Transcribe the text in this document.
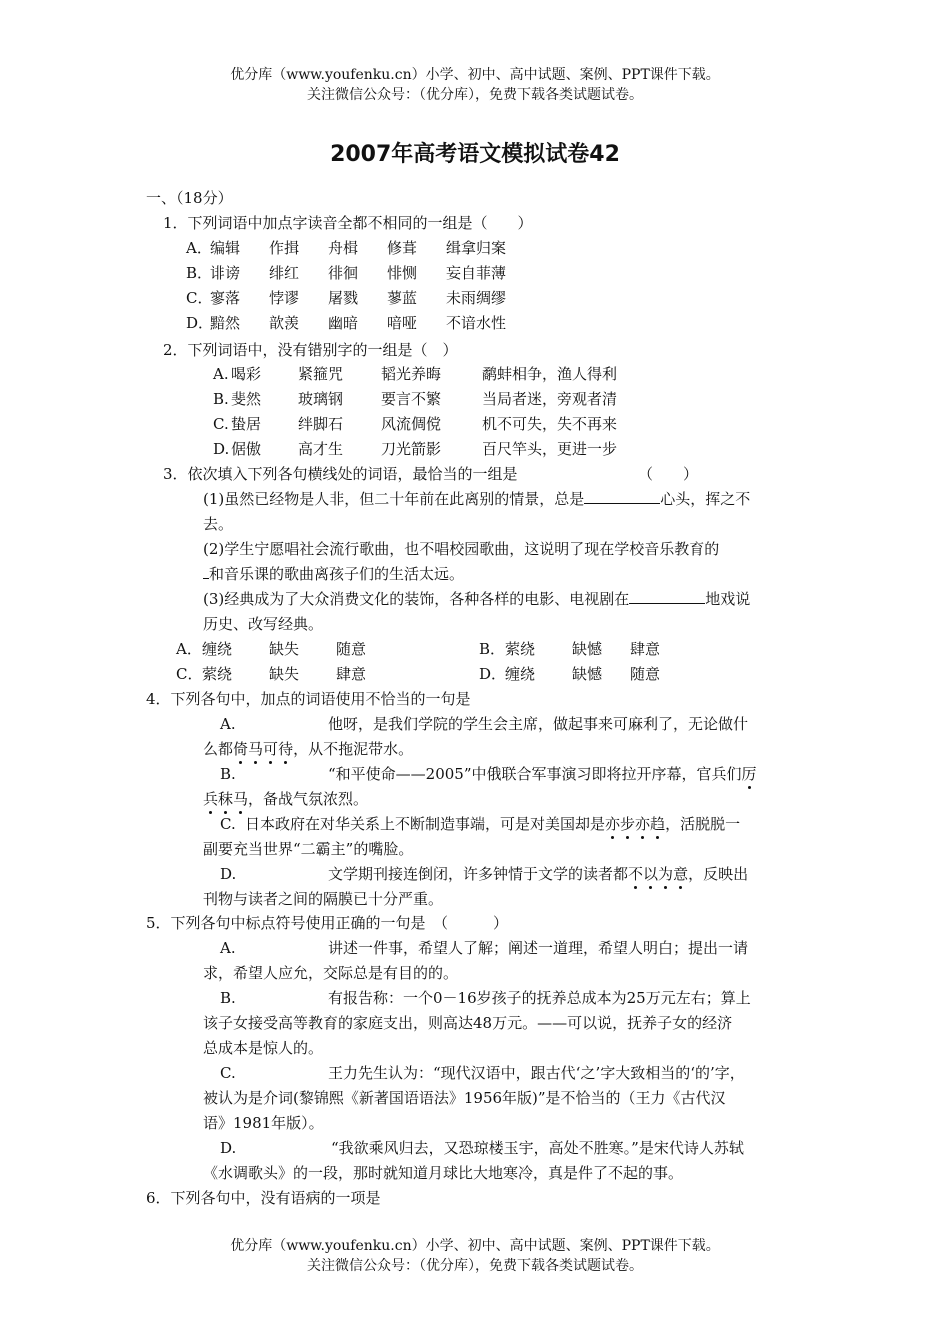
优分库（www.youfenku.cn）小学、初中、高中试题、案例、PPT课件下载。
关注微信公众号：（优分库），免费下载各类试题试卷。
2007年高考语文模拟试卷42
一、（18分）
1．下列词语中加点字读音全都不相同的一组是（　　）
A．
编辑 作揖 舟楫 修葺 缉拿归案
B．
诽谤 绯红 徘徊 悱恻 妄自菲薄
C．
寥落 悖谬 屠戮 蓼蓝 未雨绸缪
D．
黯然 歆羡 幽暗 喑哑 不谙水性
2．下列词语中，没有错别字的一组是（　）
A. 喝彩 紧箍咒	韬光养晦	鹬蚌相争，渔人得利
B. 斐然 玻璃钢	要言不繁	当局者迷，旁观者清
C. 蛰居 绊脚石	风流倜傥	机不可失，失不再来
D. 倨傲 高才生	刀光箭影	百尺竿头，更进一步
3．依次填入下列各句横线处的词语，最恰当的一组是	（　　）
(1)虽然已经物是人非，但二十年前在此离别的情景，总是	心头，挥之不
去。
(2)学生宁愿唱社会流行歌曲，也不唱校园歌曲，这说明了现在学校音乐教育的
和音乐课的歌曲离孩子们的生活太远。
(3)经典成为了大众消费文化的装饰，各种各样的电影、电视剧在	地戏说
历史、改写经典。
A． 缠绕 缺失 随意	B． 萦绕 缺憾 肆意
C． 萦绕 缺失 肆意	D．
缠绕 缺憾 随意
4．下列各句中，加点的词语使用不恰当的一句是
A.	他呀，是我们学院的学生会主席，做起事来可麻利了，无论做什
么都倚马可待，从不拖泥带水。
B.	“和平使命——2005”中俄联合军事演习即将拉开序幕，官兵们厉
兵秣马，备战气氛浓烈。
C. 日本政府在对华关系上不断制造事端，可是对美国却是亦步亦趋，活脱脱一
副要充当世界“二霸主”的嘴脸。
D.	文学期刊接连倒闭，许多钟情于文学的读者都不以为意，反映出
刊物与读者之间的隔膜已十分严重。
5．下列各句中标点符号使用正确的一句是　（　　　）
A.	讲述一件事，希望人了解；阐述一道理，希望人明白；提出一请
求，希望人应允，交际总是有目的的。
B.	有报告称：一个0－16岁孩子的抚养总成本为25万元左右；算上
该子女接受高等教育的家庭支出，则高达48万元。——可以说，抚养子女的经济
总成本是惊人的。
C.	王力先生认为：“现代汉语中，跟古代‘之’字大致相当的‘的’字，
被认为是介词(黎锦熙《新著国语语法》1956年版)”是不恰当的（王力《古代汉
语》1981年版）。
D.	“我欲乘风归去，又恐琼楼玉宇，高处不胜寒。”是宋代诗人苏轼
《水调歌头》的一段，那时就知道月球比大地寒冷，真是件了不起的事。
6．下列各句中，没有语病的一项是
优分库（www.youfenku.cn）小学、初中、高中试题、案例、PPT课件下载。
关注微信公众号：（优分库），免费下载各类试题试卷。
